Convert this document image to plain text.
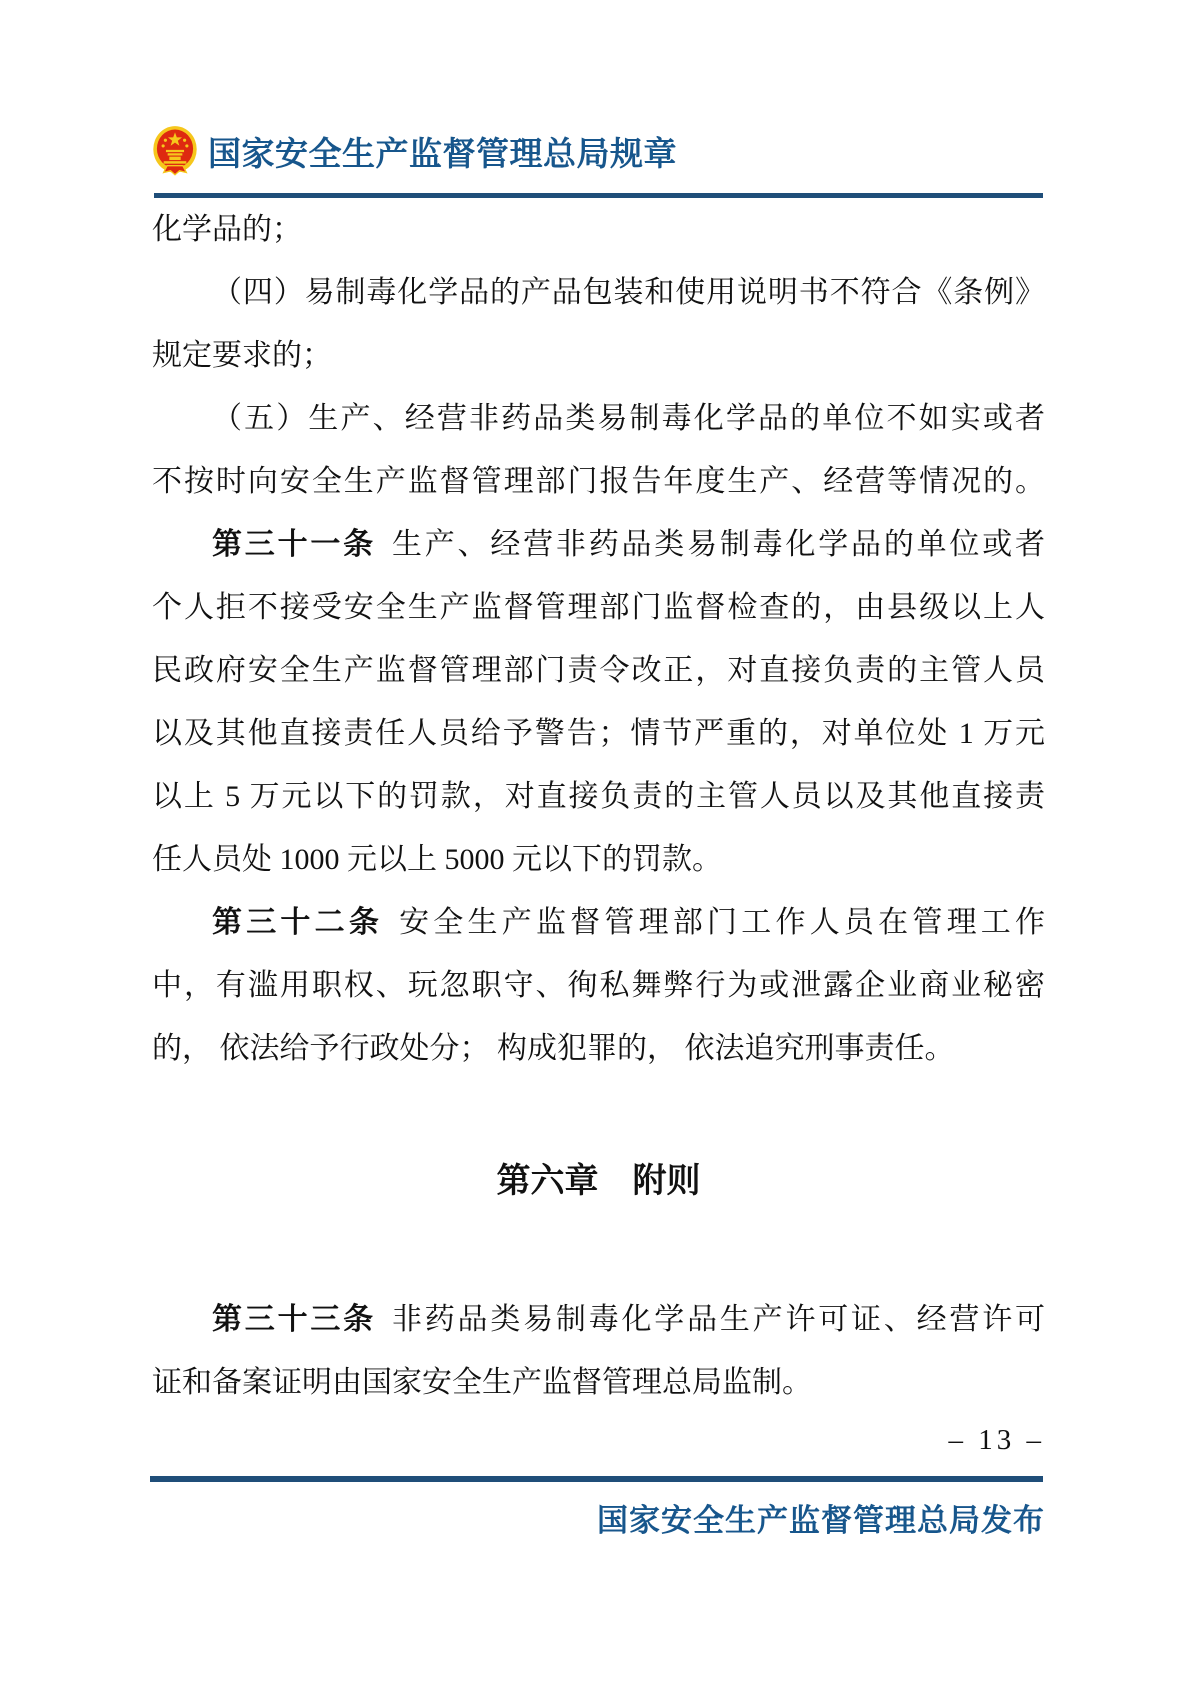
国家安全生产监督管理总局规章
化学品的；
（四）易制毒化学品的产品包装和使用说明书不符合《条例》
规定要求的；
（五）生产、经营非药品类易制毒化学品的单位不如实或者
不按时向安全生产监督管理部门报告年度生产、经营等情况的。
第三十一条 生产、经营非药品类易制毒化学品的单位或者
个人拒不接受安全生产监督管理部门监督检查的，由县级以上人
民政府安全生产监督管理部门责令改正，对直接负责的主管人员
以及其他直接责任人员给予警告；情节严重的，对单位处 1 万元
以上 5 万元以下的罚款，对直接负责的主管人员以及其他直接责
任人员处 1000 元以上 5000 元以下的罚款。
第三十二条 安全生产监督管理部门工作人员在管理工作
中，有滥用职权、玩忽职守、徇私舞弊行为或泄露企业商业秘密
的， 依法给予行政处分； 构成犯罪的， 依法追究刑事责任。
第六章　附则
第三十三条 非药品类易制毒化学品生产许可证、经营许可
证和备案证明由国家安全生产监督管理总局监制。
– 13 –
国家安全生产监督管理总局发布
